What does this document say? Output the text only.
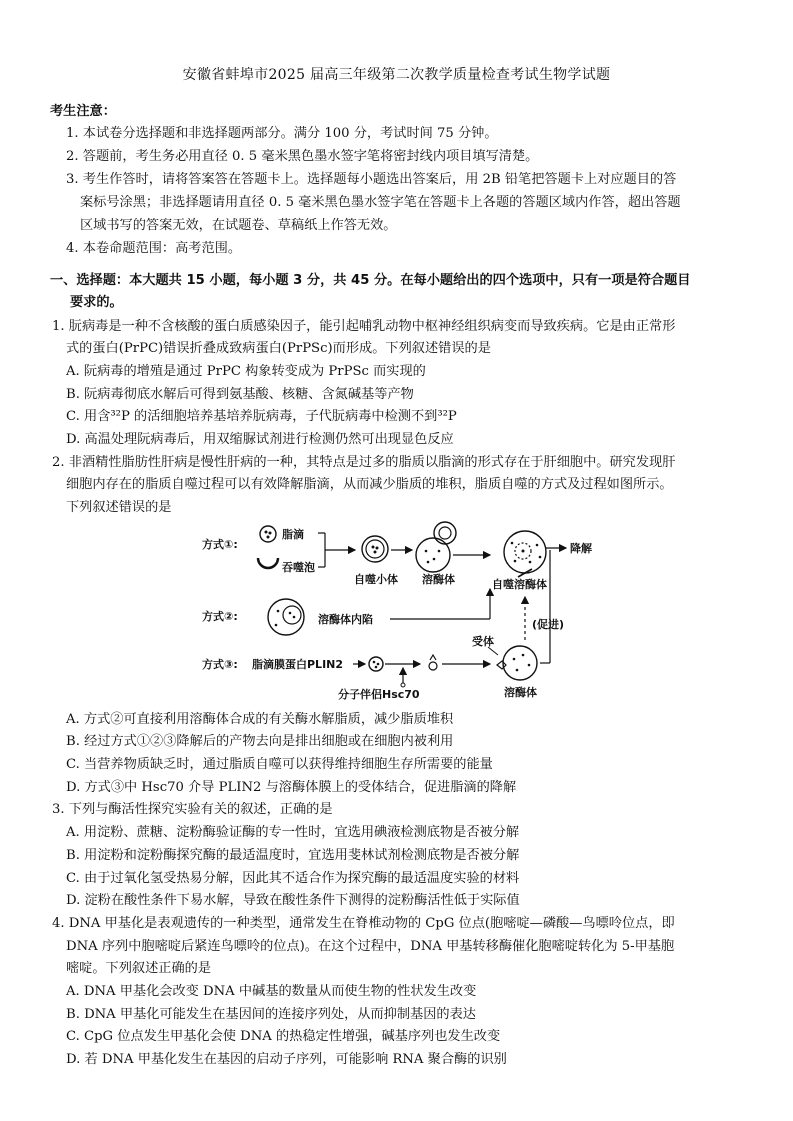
安徽省蚌埠市2025 届高三年级第二次教学质量检查考试生物学试题
考生注意：
1. 本试卷分选择题和非选择题两部分。满分 100 分，考试时间 75 分钟。
2. 答题前，考生务必用直径 0. 5 毫米黑色墨水签字笔将密封线内项目填写清楚。
3. 考生作答时，请将答案答在答题卡上。选择题每小题选出答案后，用 2B 铅笔把答题卡上对应题目的答
案标号涂黑；非选择题请用直径 0. 5 毫米黑色墨水签字笔在答题卡上各题的答题区域内作答，超出答题
区域书写的答案无效，在试题卷、草稿纸上作答无效。
4. 本卷命题范围：高考范围。
一、选择题：本大题共 15 小题，每小题 3 分，共 45 分。在每小题给出的四个选项中，只有一项是符合题目
要求的。
1. 朊病毒是一种不含核酸的蛋白质感染因子，能引起哺乳动物中枢神经组织病变而导致疾病。它是由正常形
式的蛋白(PrPC)错误折叠成致病蛋白(PrPSc)而形成。下列叙述错误的是
A. 阮病毒的增殖是通过 PrPC 构象转变成为 PrPSc 而实现的
B. 阮病毒彻底水解后可得到氨基酸、核糖、含氮碱基等产物
C. 用含³²P 的活细胞培养基培养朊病毒，子代朊病毒中检测不到³²P
D. 高温处理阮病毒后，用双缩脲试剂进行检测仍然可出现显色反应
2. 非酒精性脂肪性肝病是慢性肝病的一种，其特点是过多的脂质以脂滴的形式存在于肝细胞中。研究发现肝
细胞内存在的脂质自噬过程可以有效降解脂滴，从而减少脂质的堆积，脂质自噬的方式及过程如图所示。
下列叙述错误的是
方式①:
脂滴
吞噬泡
自噬小体 溶酶体	自噬溶酶体
降解
方式②:	溶酶体内陷	(促进)
方式③: 脂滴膜蛋白PLIN2
分子伴侣Hsc70
受体
溶酶体
A. 方式②可直接利用溶酶体合成的有关酶水解脂质，减少脂质堆积
B. 经过方式①②③降解后的产物去向是排出细胞或在细胞内被利用
C. 当营养物质缺乏时，通过脂质自噬可以获得维持细胞生存所需要的能量
D. 方式③中 Hsc70 介导 PLIN2 与溶酶体膜上的受体结合，促进脂滴的降解
3. 下列与酶活性探究实验有关的叙述，正确的是
A. 用淀粉、蔗糖、淀粉酶验证酶的专一性时，宜选用碘液检测底物是否被分解
B. 用淀粉和淀粉酶探究酶的最适温度时，宜选用斐林试剂检测底物是否被分解
C. 由于过氧化氢受热易分解，因此其不适合作为探究酶的最适温度实验的材料
D. 淀粉在酸性条件下易水解，导致在酸性条件下测得的淀粉酶活性低于实际值
4. DNA 甲基化是表观遗传的一种类型，通常发生在脊椎动物的 CpG 位点(胞嘧啶—磷酸—鸟嘌呤位点，即
DNA 序列中胞嘧啶后紧连鸟嘌呤的位点)。在这个过程中，DNA 甲基转移酶催化胞嘧啶转化为 5-甲基胞
嘧啶。下列叙述正确的是
A. DNA 甲基化会改变 DNA 中碱基的数量从而使生物的性状发生改变
B. DNA 甲基化可能发生在基因间的连接序列处，从而抑制基因的表达
C. CpG 位点发生甲基化会使 DNA 的热稳定性增强，碱基序列也发生改变
D. 若 DNA 甲基化发生在基因的启动子序列，可能影响 RNA 聚合酶的识别
